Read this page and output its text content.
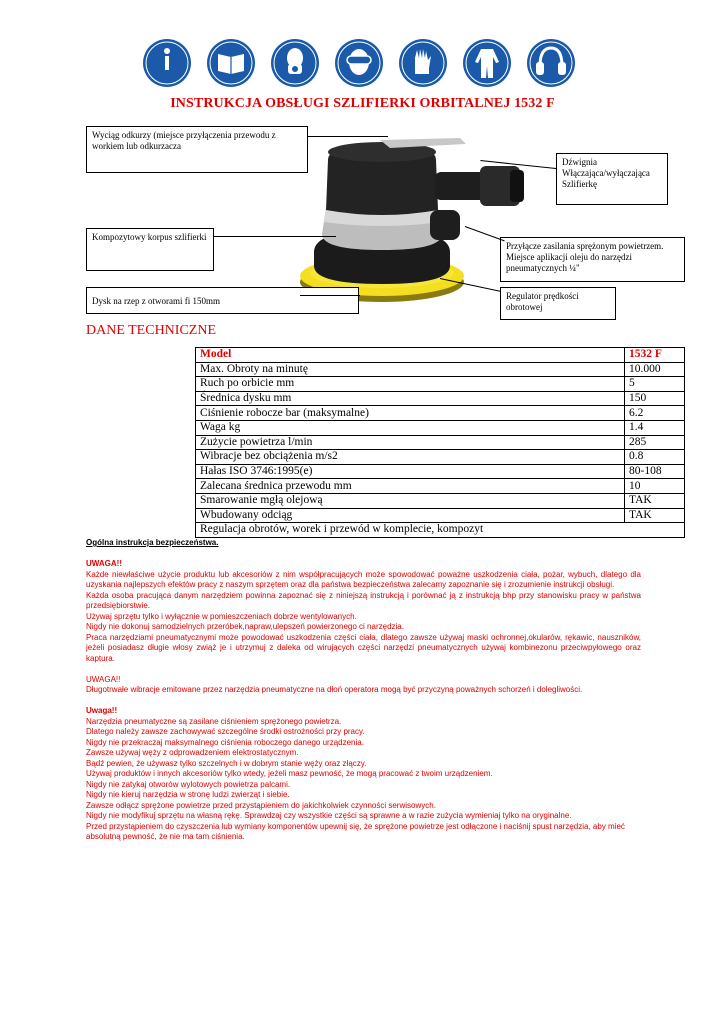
INSTRUKCJA OBSŁUGI SZLIFIERKI ORBITALNEJ 1532 F
Wyciąg odkurzy (miejsce przyłączenia przewodu z workiem lub odkurzacza
Dźwignia Włączająca/wyłączająca Szlifierkę
Kompozytowy korpus szlifierki
Przyłącze zasilania sprężonym powietrzem. Miejsce aplikacji oleju do narzędzi pneumatycznych ¼"
Dysk na rzep z otworami fi 150mm	Regulator prędkości obrotowej
DANE TECHNICZNE
Model	1532 F
Max. Obroty na minutę	10.000
Ruch po orbicie mm	5
Średnica dysku mm	150
Ciśnienie robocze bar (maksymalne)	6.2
Waga kg	1.4
Zużycie powietrza l/min	285
Wibracje bez obciążenia m/s2	0.8
Hałas ISO 3746:1995(e)	80-108
Zalecana średnica przewodu mm	10
Smarowanie mgłą olejową	TAK
Wbudowany odciąg	TAK
Regulacja obrotów, worek i przewód w komplecie, kompozyt	

Ogólna instrukcja bezpieczeństwa.

UWAGA!!

Każde niewłaściwe użycie produktu lub akcesoriów z nim współpracujących może spowodować poważne uszkodzenia ciała, pożar, wybuch, dlatego dla uzyskania najlepszych efektów pracy z naszym sprzętem oraz dla państwa bezpieczeństwa zalecamy zapoznanie się i zrozumienie instrukcji obsługi.

Każda osoba pracująca danym narzędziem powinna zapoznać się z niniejszą instrukcją i porównać ją z instrukcją bhp przy stanowisku pracy w państwa przedsiębiorstwie.

Używaj sprzętu tylko i wyłącznie w pomieszczeniach dobrze wentylowanych.

Nigdy nie dokonuj samodzielnych przeróbek,napraw,ulepszeń powierzonego ci narzędzia.

Praca narzędziami pneumatycznymi może powodować uszkodzenia części ciała, dlatego zawsze używaj maski ochronnej,okularów, rękawic, nauszników, jeżeli posiadasz długie włosy zwiąż je i utrzymuj z daleka od wirujących części narzędzi pneumatycznych używaj kombinezonu przeciwpyłowego oraz kaptura.

UWAGA!!

Długotrwałe wibracje emitowane przez narzędzia pneumatyczne na dłoń operatora mogą być przyczyną poważnych schorzeń i dolegliwości.

Uwaga!!

Narzędzia pneumatyczne są zasilane ciśnieniem sprężonego powietrza.

Dlatego należy zawsze zachowywać szczególne środki ostrożności przy pracy.

Nigdy nie przekraczaj maksymalnego ciśnienia roboczego danego urządzenia.

Zawsze używaj węży z odprowadzeniem elektrostatycznym.

Bądź pewien, że używasz tylko szczelnych i w dobrym stanie węży oraz złączy.

Używaj produktów i innych akcesoriów tylko wtedy, jeżeli masz pewność, że mogą pracować z twoim urządzeniem.

Nigdy nie zatykaj otworów wylotowych powietrza palcami.

Nigdy nie kieruj narzędzia w stronę ludzi zwierząt i siebie.

Zawsze odłącz sprężone powietrze przed przystąpieniem do jakichkolwiek czynności serwisowych.

Nigdy nie modyfikuj sprzętu na własną rękę. Sprawdzaj czy wszystkie części są sprawne a w razie zużycia wymieniaj tylko na oryginalne.

Przed przystąpieniem do czyszczenia lub wymiany komponentów upewnij się, że sprężone powietrze jest odłączone i naciśnij spust narzędzia, aby mieć absolutną pewność, że nie ma tam ciśnienia.
